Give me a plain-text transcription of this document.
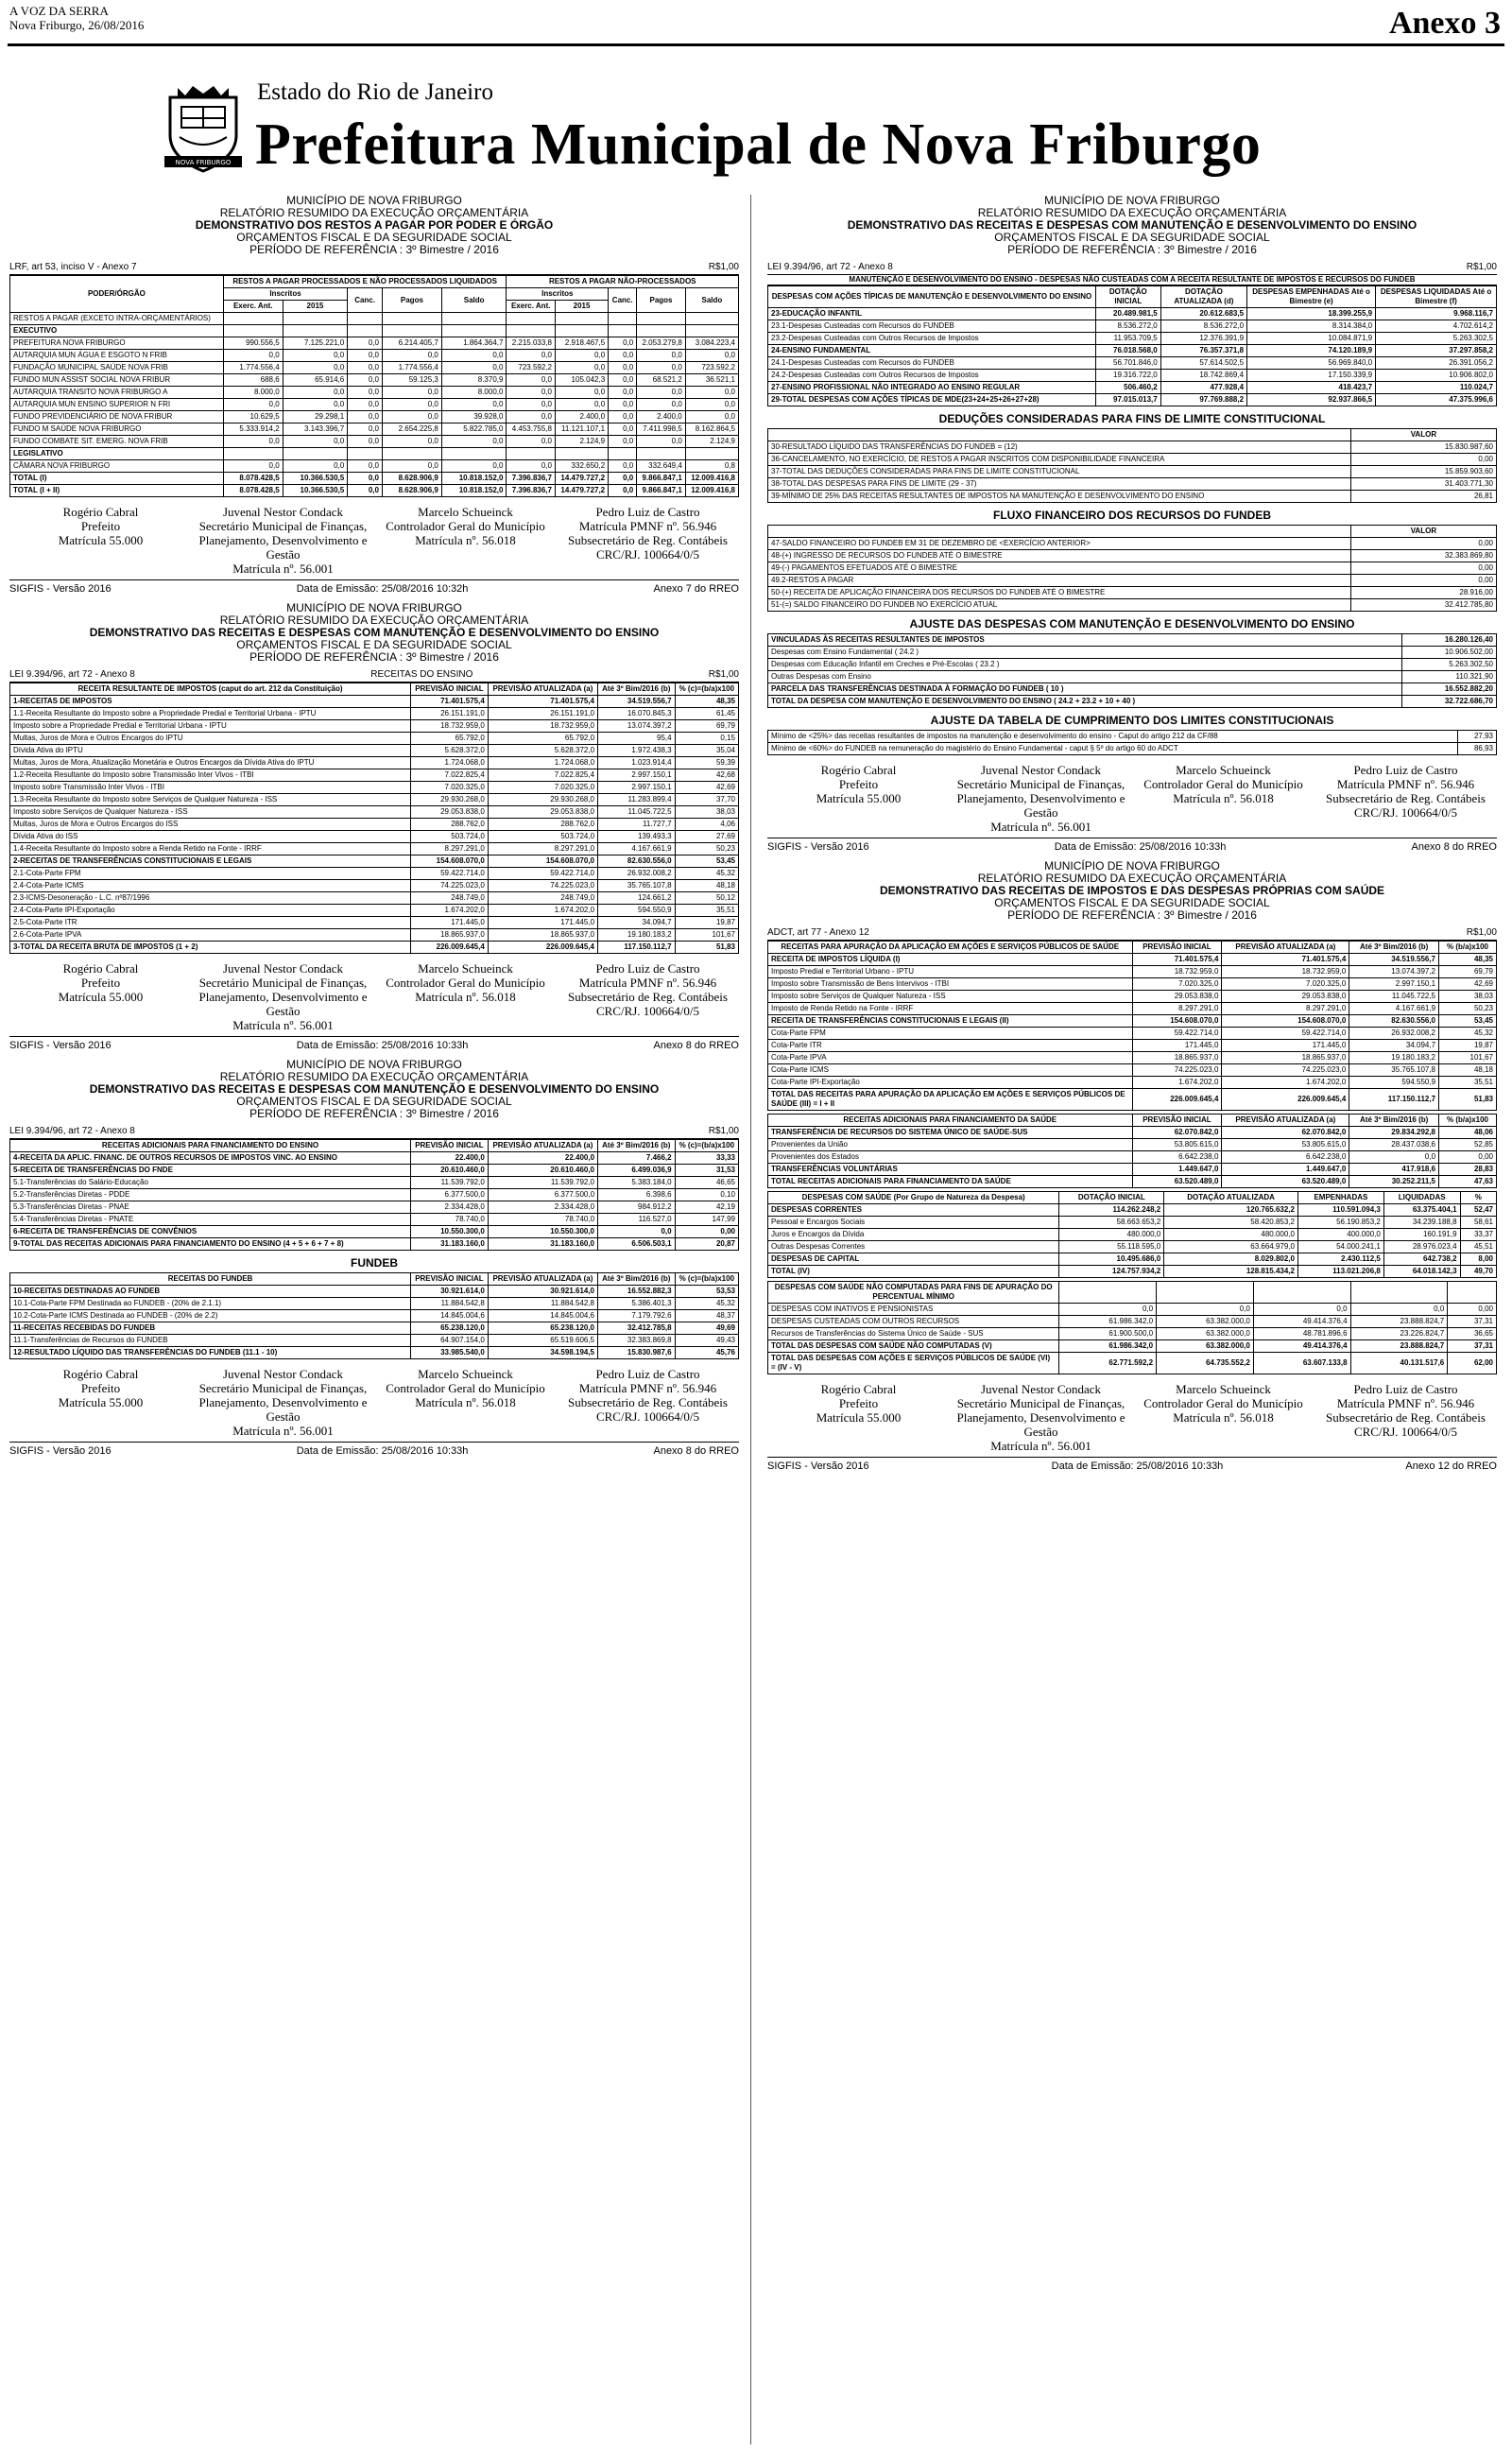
A VOZ DA SERRA
Nova Friburgo, 26/08/2016	Anexo 3
NOVA FRIBURGO
Estado do Rio de Janeiro
Prefeitura Municipal de Nova Friburgo
MUNICÍPIO DE NOVA FRIBURGO
RELATÓRIO RESUMIDO DA EXECUÇÃO ORÇAMENTÁRIA
DEMONSTRATIVO DOS RESTOS A PAGAR POR PODER E ÓRGÃO
ORÇAMENTOS FISCAL E DA SEGURIDADE SOCIAL
PERÍODO DE REFERÊNCIA : 3º Bimestre / 2016
LRF, art 53, inciso V - Anexo 7	R$1,00
PODER/ÓRGÃO	RESTOS A PAGAR PROCESSADOS E NÃO PROCESSADOS LIQUIDADOS					RESTOS A PAGAR NÃO-PROCESSADOS				
	Inscritos		Canc.	Pagos	Saldo	Inscritos		Canc.	Pagos	Saldo
	Exerc. Ant.	2015				Exerc. Ant.	2015			
RESTOS A PAGAR (EXCETO INTRA-ORÇAMENTÁRIOS)										
EXECUTIVO										
PREFEITURA NOVA FRIBURGO	990.556,5	7.125.221,0	0,0	6.214.405,7	1.864.364,7	2.215.033,8	2.918.467,5	0,0	2.053.279,8	3.084.223,4
AUTARQUIA MUN ÁGUA E ESGOTO N FRIB	0,0	0,0	0,0	0,0	0,0	0,0	0,0	0,0	0,0	0,0
FUNDAÇÃO MUNICIPAL SAÚDE NOVA FRIB	1.774.556,4	0,0	0,0	1.774.556,4	0,0	723.592,2	0,0	0,0	0,0	723.592,2
FUNDO MUN ASSIST SOCIAL NOVA FRIBUR	688,6	65.914,6	0,0	59.125,3	8.370,9	0,0	105.042,3	0,0	68.521,2	36.521,1
AUTARQUIA TRANSITO NOVA FRIBURGO A	8.000,0	0,0	0,0	0,0	8.000,0	0,0	0,0	0,0	0,0	0,0
AUTARQUIA MUN ENSINO SUPERIOR N FRI	0,0	0,0	0,0	0,0	0,0	0,0	0,0	0,0	0,0	0,0
FUNDO PREVIDENCIÁRIO DE NOVA FRIBUR	10.629,5	29.298,1	0,0	0,0	39.928,0	0,0	2.400,0	0,0	2.400,0	0,0
FUNDO M SAÚDE NOVA FRIBURGO	5.333.914,2	3.143.396,7	0,0	2.654.225,8	5.822.785,0	4.453.755,8	11.121.107,1	0,0	7.411.998,5	8.162.864,5
FUNDO COMBATE SIT. EMERG. NOVA FRIB	0,0	0,0	0,0	0,0	0,0	0,0	2.124,9	0,0	0,0	2.124,9
LEGISLATIVO										
CÂMARA NOVA FRIBURGO	0,0	0,0	0,0	0,0	0,0	0,0	332.650,2	0,0	332.649,4	0,8
TOTAL (I)	8.078.428,5	10.366.530,5	0,0	8.628.906,9	10.818.152,0	7.396.836,7	14.479.727,2	0,0	9.866.847,1	12.009.416,8
TOTAL (I + II)	8.078.428,5	10.366.530,5	0,0	8.628.906,9	10.818.152,0	7.396.836,7	14.479.727,2	0,0	9.866.847,1	12.009.416,8
Rogério Cabral
Prefeito
Matrícula 55.000
Juvenal Nestor Condack
Secretário Municipal de Finanças, Planejamento, Desenvolvimento e Gestão
Matrícula nº. 56.001
Marcelo Schueinck
Controlador Geral do Município
Matrícula nº. 56.018
Pedro Luiz de Castro
Matrícula PMNF nº. 56.946
Subsecretário de Reg. Contábeis CRC/RJ. 100664/0/5
SIGFIS - Versão 2016	Data de Emissão: 25/08/2016 10:32h	Anexo 7 do RREO
MUNICÍPIO DE NOVA FRIBURGO
RELATÓRIO RESUMIDO DA EXECUÇÃO ORÇAMENTÁRIA
DEMONSTRATIVO DAS RECEITAS E DESPESAS COM MANUTENÇÃO E DESENVOLVIMENTO DO ENSINO
ORÇAMENTOS FISCAL E DA SEGURIDADE SOCIAL
PERÍODO DE REFERÊNCIA : 3º Bimestre / 2016
LEI 9.394/96, art 72 - Anexo 8	RECEITAS DO ENSINO	R$1,00
RECEITA RESULTANTE DE IMPOSTOS (caput do art. 212 da Constituição)	PREVISÃO INICIAL	PREVISÃO ATUALIZADA (a)	Até 3º Bim/2016 (b)	% (c)=(b/a)x100
1-RECEITAS DE IMPOSTOS	71.401.575,4	71.401.575,4	34.519.556,7	48,35
1.1-Receita Resultante do Imposto sobre a Propriedade Predial e Territorial Urbana - IPTU	26.151.191,0	26.151.191,0	16.070.845,3	61,45
Imposto sobre a Propriedade Predial e Territorial Urbana - IPTU	18.732.959,0	18.732.959,0	13.074.397,2	69,79
Multas, Juros de Mora e Outros Encargos do IPTU	65.792,0	65.792,0	95,4	0,15
Dívida Ativa do IPTU	5.628.372,0	5.628.372,0	1.972.438,3	35,04
Multas, Juros de Mora, Atualização Monetária e Outros Encargos da Dívida Ativa do IPTU	1.724.068,0	1.724.068,0	1.023.914,4	59,39
1.2-Receita Resultante do Imposto sobre Transmissão Inter Vivos - ITBI	7.022.825,4	7.022.825,4	2.997.150,1	42,68
Imposto sobre Transmissão Inter Vivos - ITBI	7.020.325,0	7.020.325,0	2.997.150,1	42,69
1.3-Receita Resultante do Imposto sobre Serviços de Qualquer Natureza - ISS	29.930.268,0	29.930.268,0	11.283.899,4	37,70
Imposto sobre Serviços de Qualquer Natureza - ISS	29.053.838,0	29.053.838,0	11.045.722,5	38,03
Multas, Juros de Mora e Outros Encargos do ISS	288.762,0	288.762,0	11.727,7	4,06
Dívida Ativa do ISS	503.724,0	503.724,0	139.493,3	27,69
1.4-Receita Resultante do Imposto sobre a Renda Retido na Fonte - IRRF	8.297.291,0	8.297.291,0	4.167.661,9	50,23
2-RECEITAS DE TRANSFERÊNCIAS CONSTITUCIONAIS E LEGAIS	154.608.070,0	154.608.070,0	82.630.556,0	53,45
2.1-Cota-Parte FPM	59.422.714,0	59.422.714,0	26.932.008,2	45,32
2.4-Cota-Parte ICMS	74.225.023,0	74.225.023,0	35.765.107,8	48,18
2.3-ICMS-Desoneração - L.C. nº87/1996	248.749,0	248.749,0	124.661,2	50,12
2.4-Cota-Parte IPI-Exportação	1.674.202,0	1.674.202,0	594.550,9	35,51
2.5-Cota-Parte ITR	171.445,0	171.445,0	34.094,7	19,87
2.6-Cota-Parte IPVA	18.865.937,0	18.865.937,0	19.180.183,2	101,67
3-TOTAL DA RECEITA BRUTA DE IMPOSTOS (1 + 2)	226.009.645,4	226.009.645,4	117.150.112,7	51,83
Rogério Cabral
Prefeito
Matrícula 55.000
Juvenal Nestor Condack
Secretário Municipal de Finanças, Planejamento, Desenvolvimento e Gestão
Matrícula nº. 56.001
Marcelo Schueinck
Controlador Geral do Município
Matrícula nº. 56.018
Pedro Luiz de Castro
Matrícula PMNF nº. 56.946
Subsecretário de Reg. Contábeis CRC/RJ. 100664/0/5
SIGFIS - Versão 2016	Data de Emissão: 25/08/2016 10:33h	Anexo 8 do RREO
MUNICÍPIO DE NOVA FRIBURGO
RELATÓRIO RESUMIDO DA EXECUÇÃO ORÇAMENTÁRIA
DEMONSTRATIVO DAS RECEITAS E DESPESAS COM MANUTENÇÃO E DESENVOLVIMENTO DO ENSINO
ORÇAMENTOS FISCAL E DA SEGURIDADE SOCIAL
PERÍODO DE REFERÊNCIA : 3º Bimestre / 2016
LEI 9.394/96, art 72 - Anexo 8	R$1,00
RECEITAS ADICIONAIS PARA FINANCIAMENTO DO ENSINO	PREVISÃO INICIAL	PREVISÃO ATUALIZADA (a)	Até 3º Bim/2016 (b)	% (c)=(b/a)x100
4-RECEITA DA APLIC. FINANC. DE OUTROS RECURSOS DE IMPOSTOS VINC. AO ENSINO	22.400,0	22.400,0	7.466,2	33,33
5-RECEITA DE TRANSFERÊNCIAS DO FNDE	20.610.460,0	20.610.460,0	6.499.036,9	31,53
5.1-Transferências do Salário-Educação	11.539.792,0	11.539.792,0	5.383.184,0	46,65
5.2-Transferências Diretas - PDDE	6.377.500,0	6.377.500,0	6.398,6	0,10
5.3-Transferências Diretas - PNAE	2.334.428,0	2.334.428,0	984.912,2	42,19
5.4-Transferências Diretas - PNATE	78.740,0	78.740,0	116.527,0	147,99
6-RECEITA DE TRANSFERÊNCIAS DE CONVÊNIOS	10.550.300,0	10.550.300,0	0,0	0,00
9-TOTAL DAS RECEITAS ADICIONAIS PARA FINANCIAMENTO DO ENSINO (4 + 5 + 6 + 7 + 8)	31.183.160,0	31.183.160,0	6.506.503,1	20,87
FUNDEB
RECEITAS DO FUNDEB	PREVISÃO INICIAL	PREVISÃO ATUALIZADA (a)	Até 3º Bim/2016 (b)	% (c)=(b/a)x100
10-RECEITAS DESTINADAS AO FUNDEB	30.921.614,0	30.921.614,0	16.552.882,3	53,53
10.1-Cota-Parte FPM Destinada ao FUNDEB - (20% de 2.1.1)	11.884.542,8	11.884.542,8	5.386.401,3	45,32
10.2-Cota-Parte ICMS Destinada ao FUNDEB - (20% de 2.2)	14.845.004,6	14.845.004,6	7.179.792,6	48,37
11-RECEITAS RECEBIDAS DO FUNDEB	65.238.120,0	65.238.120,0	32.412.785,8	49,69
11.1-Transferências de Recursos do FUNDEB	64.907.154,0	65.519.606,5	32.383.869,8	49,43
12-RESULTADO LÍQUIDO DAS TRANSFERÊNCIAS DO FUNDEB (11.1 - 10)	33.985.540,0	34.598.194,5	15.830.987,6	45,76
Rogério Cabral
Prefeito
Matrícula 55.000
Juvenal Nestor Condack
Secretário Municipal de Finanças, Planejamento, Desenvolvimento e Gestão
Matrícula nº. 56.001
Marcelo Schueinck
Controlador Geral do Município
Matrícula nº. 56.018
Pedro Luiz de Castro
Matrícula PMNF nº. 56.946
Subsecretário de Reg. Contábeis CRC/RJ. 100664/0/5
SIGFIS - Versão 2016	Data de Emissão: 25/08/2016 10:33h	Anexo 8 do RREO
MUNICÍPIO DE NOVA FRIBURGO
RELATÓRIO RESUMIDO DA EXECUÇÃO ORÇAMENTÁRIA
DEMONSTRATIVO DAS RECEITAS E DESPESAS COM MANUTENÇÃO E DESENVOLVIMENTO DO ENSINO
ORÇAMENTOS FISCAL E DA SEGURIDADE SOCIAL
PERÍODO DE REFERÊNCIA : 3º Bimestre / 2016
LEI 9.394/96, art 72 - Anexo 8	R$1,00
MANUTENÇÃO E DESENVOLVIMENTO DO ENSINO - DESPESAS NÃO CUSTEADAS COM A RECEITA RESULTANTE DE IMPOSTOS E RECURSOS DO FUNDEB
DESPESAS COM AÇÕES TÍPICAS DE MANUTENÇÃO E DESENVOLVIMENTO DO ENSINO	DOTAÇÃO INICIAL	DOTAÇÃO ATUALIZADA (d)	DESPESAS EMPENHADAS Até o Bimestre (e)	DESPESAS LIQUIDADAS Até o Bimestre (f)
23-EDUCAÇÃO INFANTIL	20.489.981,5	20.612.683,5	18.399.255,9	9.968.116,7
23.1-Despesas Custeadas com Recursos do FUNDEB	8.536.272,0	8.536.272,0	8.314.384,0	4.702.614,2
23.2-Despesas Custeadas com Outros Recursos de Impostos	11.953.709,5	12.376.391,9	10.084.871,9	5.263.302,5
24-ENSINO FUNDAMENTAL	76.018.568,0	76.357.371,8	74.120.189,9	37.297.858,2
24.1-Despesas Custeadas com Recursos do FUNDEB	56.701.846,0	57.614.502,5	56.969.840,0	26.391.056,2
24.2-Despesas Custeadas com Outros Recursos de Impostos	19.316.722,0	18.742.869,4	17.150.339,9	10.906.802,0
27-ENSINO PROFISSIONAL NÃO INTEGRADO AO ENSINO REGULAR	506.460,2	477.928,4	418.423,7	110.024,7
29-TOTAL DESPESAS COM AÇÕES TÍPICAS DE MDE(23+24+25+26+27+28)	97.015.013,7	97.769.888,2	92.937.866,5	47.375.996,6
DEDUÇÕES CONSIDERADAS PARA FINS DE LIMITE CONSTITUCIONAL
	VALOR
30-RESULTADO LÍQUIDO DAS TRANSFERÊNCIAS DO FUNDEB = (12)	15.830.987,60
36-CANCELAMENTO, NO EXERCÍCIO, DE RESTOS A PAGAR INSCRITOS COM DISPONIBILIDADE FINANCEIRA	0,00
37-TOTAL DAS DEDUÇÕES CONSIDERADAS PARA FINS DE LIMITE CONSTITUCIONAL	15.859.903,60
38-TOTAL DAS DESPESAS PARA FINS DE LIMITE (29 - 37)	31.403.771,30
39-MÍNIMO DE 25% DAS RECEITAS RESULTANTES DE IMPOSTOS NA MANUTENÇÃO E DESENVOLVIMENTO DO ENSINO	26,81
FLUXO FINANCEIRO DOS RECURSOS DO FUNDEB
	VALOR
47-SALDO FINANCEIRO DO FUNDEB EM 31 DE DEZEMBRO DE <EXERCÍCIO ANTERIOR>	0,00
48-(+) INGRESSO DE RECURSOS DO FUNDEB ATÉ O BIMESTRE	32.383.869,80
49-(-) PAGAMENTOS EFETUADOS ATÉ O BIMESTRE	0,00
49.2-RESTOS A PAGAR	0,00
50-(+) RECEITA DE APLICAÇÃO FINANCEIRA DOS RECURSOS DO FUNDEB ATÉ O BIMESTRE	28.916,00
51-(=) SALDO FINANCEIRO DO FUNDEB NO EXERCÍCIO ATUAL	32.412.785,80
AJUSTE DAS DESPESAS COM MANUTENÇÃO E DESENVOLVIMENTO DO ENSINO
VINCULADAS ÀS RECEITAS RESULTANTES DE IMPOSTOS	16.280.126,40
Despesas com Ensino Fundamental ( 24.2 )	10.906.502,00
Despesas com Educação Infantil em Creches e Pré-Escolas ( 23.2 )	5.263.302,50
Outras Despesas com Ensino	110.321,90
PARCELA DAS TRANSFERÊNCIAS DESTINADA À FORMAÇÃO DO FUNDEB ( 10 )	16.552.882,20
TOTAL DA DESPESA COM MANUTENÇÃO E DESENVOLVIMENTO DO ENSINO ( 24.2 + 23.2 + 10 + 40 )	32.722.686,70
AJUSTE DA TABELA DE CUMPRIMENTO DOS LIMITES CONSTITUCIONAIS
Mínimo de <25%> das receitas resultantes de impostos na manutenção e desenvolvimento do ensino - Caput do artigo 212 da CF/88	27,93
Mínimo de <60%> do FUNDEB na remuneração do magistério do Ensino Fundamental - caput § 5º do artigo 60 do ADCT	86,93
Rogério Cabral
Prefeito
Matrícula 55.000
Juvenal Nestor Condack
Secretário Municipal de Finanças, Planejamento, Desenvolvimento e Gestão
Matrícula nº. 56.001
Marcelo Schueinck
Controlador Geral do Município
Matrícula nº. 56.018
Pedro Luiz de Castro
Matrícula PMNF nº. 56.946
Subsecretário de Reg. Contábeis CRC/RJ. 100664/0/5
SIGFIS - Versão 2016	Data de Emissão: 25/08/2016 10:33h	Anexo 8 do RREO
MUNICÍPIO DE NOVA FRIBURGO
RELATÓRIO RESUMIDO DA EXECUÇÃO ORÇAMENTÁRIA
DEMONSTRATIVO DAS RECEITAS DE IMPOSTOS E DAS DESPESAS PRÓPRIAS COM SAÚDE
ORÇAMENTOS FISCAL E DA SEGURIDADE SOCIAL
PERÍODO DE REFERÊNCIA : 3º Bimestre / 2016
ADCT, art 77 - Anexo 12	R$1,00
RECEITAS PARA APURAÇÃO DA APLICAÇÃO EM AÇÕES E SERVIÇOS PÚBLICOS DE SAÚDE	PREVISÃO INICIAL	PREVISÃO ATUALIZADA (a)	Até 3º Bim/2016 (b)	% (b/a)x100
RECEITA DE IMPOSTOS LÍQUIDA (I)	71.401.575,4	71.401.575,4	34.519.556,7	48,35
Imposto Predial e Territorial Urbano - IPTU	18.732.959,0	18.732.959,0	13.074.397,2	69,79
Imposto sobre Transmissão de Bens Intervivos - ITBI	7.020.325,0	7.020.325,0	2.997.150,1	42,69
Imposto sobre Serviços de Qualquer Natureza - ISS	29.053.838,0	29.053.838,0	11.045.722,5	38,03
Imposto de Renda Retido na Fonte - IRRF	8.297.291,0	8.297.291,0	4.167.661,9	50,23
RECEITA DE TRANSFERÊNCIAS CONSTITUCIONAIS E LEGAIS (II)	154.608.070,0	154.608.070,0	82.630.556,0	53,45
Cota-Parte FPM	59.422.714,0	59.422.714,0	26.932.008,2	45,32
Cota-Parte ITR	171.445,0	171.445,0	34.094,7	19,87
Cota-Parte IPVA	18.865.937,0	18.865.937,0	19.180.183,2	101,67
Cota-Parte ICMS	74.225.023,0	74.225.023,0	35.765.107,8	48,18
Cota-Parte IPI-Exportação	1.674.202,0	1.674.202,0	594.550,9	35,51
TOTAL DAS RECEITAS PARA APURAÇÃO DA APLICAÇÃO EM AÇÕES E SERVIÇOS PÚBLICOS DE SAÚDE (III) = I + II	226.009.645,4	226.009.645,4	117.150.112,7	51,83
RECEITAS ADICIONAIS PARA FINANCIAMENTO DA SAÚDE	PREVISÃO INICIAL	PREVISÃO ATUALIZADA (a)	Até 3º Bim/2016 (b)	% (b/a)x100
TRANSFERÊNCIA DE RECURSOS DO SISTEMA ÚNICO DE SAÚDE-SUS	62.070.842,0	62.070.842,0	29.834.292,8	48,06
Provenientes da União	53.805.615,0	53.805.615,0	28.437.038,6	52,85
Provenientes dos Estados	6.642.238,0	6.642.238,0	0,0	0,00
TRANSFERÊNCIAS VOLUNTÁRIAS	1.449.647,0	1.449.647,0	417.918,6	28,83
TOTAL RECEITAS ADICIONAIS PARA FINANCIAMENTO DA SAÚDE	63.520.489,0	63.520.489,0	30.252.211,5	47,63
DESPESAS COM SAÚDE (Por Grupo de Natureza da Despesa)	DOTAÇÃO INICIAL	DOTAÇÃO ATUALIZADA	EMPENHADAS	LIQUIDADAS	%
DESPESAS CORRENTES	114.262.248,2	120.765.632,2	110.591.094,3	63.375.404,1	52,47
Pessoal e Encargos Sociais	58.663.653,2	58.420.853,2	56.190.853,2	34.239.188,8	58,61
Juros e Encargos da Dívida	480.000,0	480.000,0	400.000,0	160.191,9	33,37
Outras Despesas Correntes	55.118.595,0	63.664.979,0	54.000.241,1	28.976.023,4	45,51
DESPESAS DE CAPITAL	10.495.686,0	8.029.802,0	2.430.112,5	642.738,2	8,00
TOTAL (IV)	124.757.934,2	128.815.434,2	113.021.206,8	64.018.142,3	49,70
DESPESAS COM SAÚDE NÃO COMPUTADAS PARA FINS DE APURAÇÃO DO PERCENTUAL MÍNIMO					
DESPESAS COM INATIVOS E PENSIONISTAS	0,0	0,0	0,0	0,0	0,00
DESPESAS CUSTEADAS COM OUTROS RECURSOS	61.986.342,0	63.382.000,0	49.414.376,4	23.888.824,7	37,31
Recursos de Transferências do Sistema Único de Saúde - SUS	61.900.500,0	63.382.000,0	48.781.896,6	23.226.824,7	36,65
TOTAL DAS DESPESAS COM SAÚDE NÃO COMPUTADAS (V)	61.986.342,0	63.382.000,0	49.414.376,4	23.888.824,7	37,31
TOTAL DAS DESPESAS COM AÇÕES E SERVIÇOS PÚBLICOS DE SAÚDE (VI) = (IV - V)	62.771.592,2	64.735.552,2	63.607.133,8	40.131.517,6	62,00
Rogério Cabral
Prefeito
Matrícula 55.000
Juvenal Nestor Condack
Secretário Municipal de Finanças, Planejamento, Desenvolvimento e Gestão
Matrícula nº. 56.001
Marcelo Schueinck
Controlador Geral do Município
Matrícula nº. 56.018
Pedro Luiz de Castro
Matrícula PMNF nº. 56.946
Subsecretário de Reg. Contábeis CRC/RJ. 100664/0/5
SIGFIS - Versão 2016	Data de Emissão: 25/08/2016 10:33h	Anexo 12 do RREO
